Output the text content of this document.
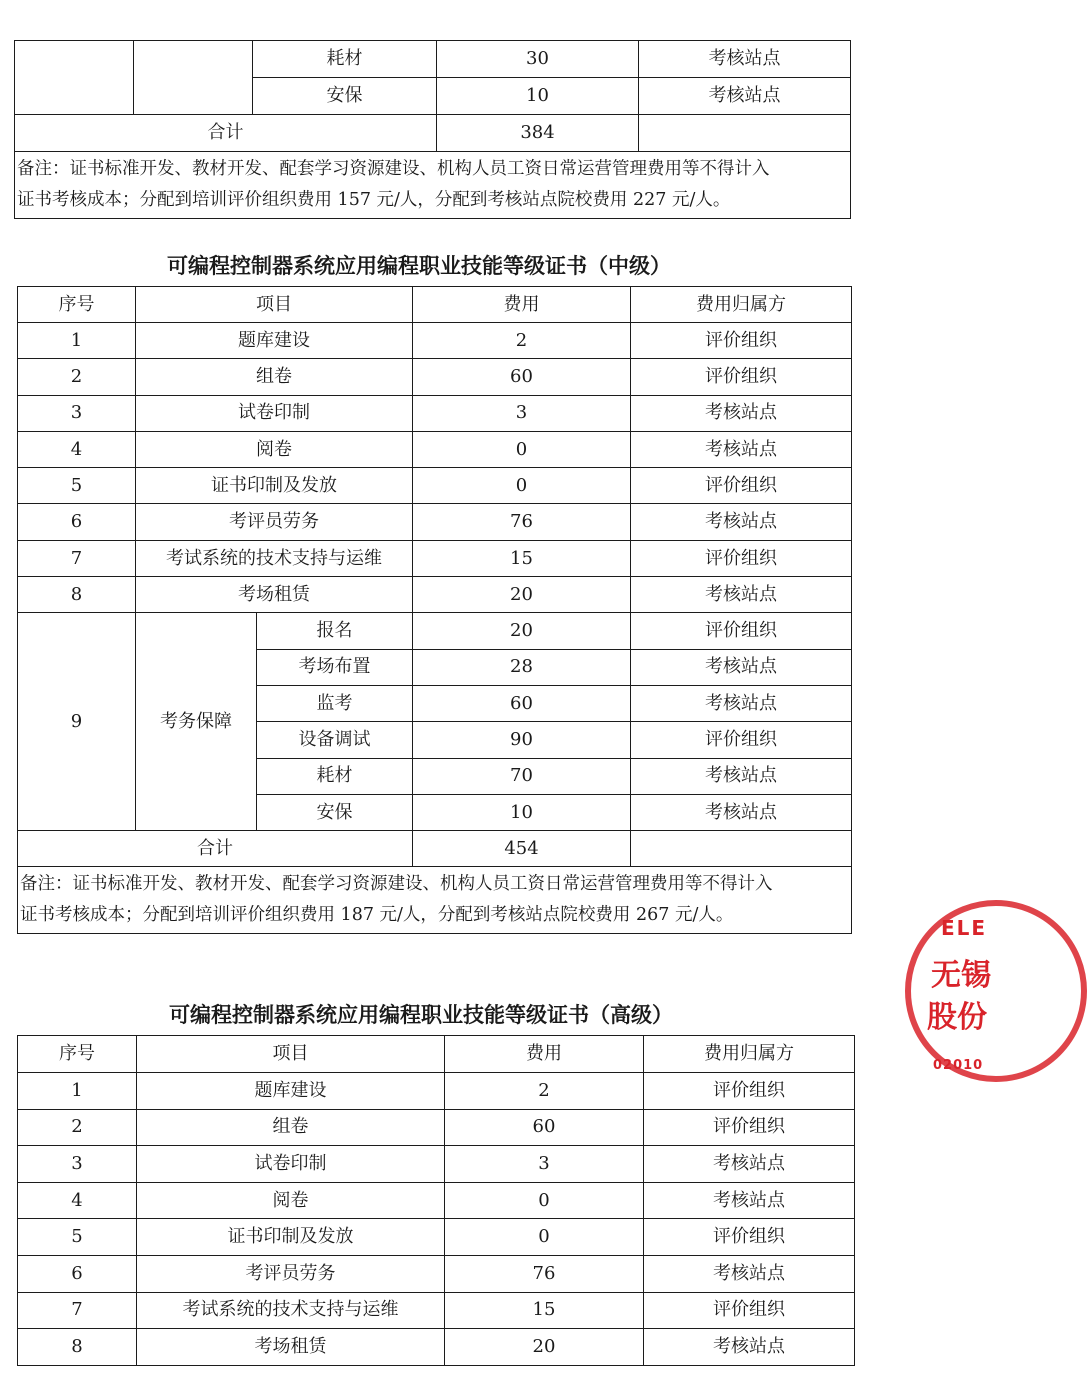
		耗材	30	考核站点
		安保	10	考核站点
合计			384	

备注：证书标准开发、教材开发、配套学习资源建设、机构人员工资日常运营管理费用等不得计入
证书考核成本；分配到培训评价组织费用 157 元/人，分配到考核站点院校费用 227 元/人。				
可编程控制器系统应用编程职业技能等级证书（中级）
序号	项目		费用	费用归属方
1	题库建设		2	评价组织
2	组卷		60	评价组织
3	试卷印制		3	考核站点
4	阅卷		0	考核站点
5	证书印制及发放		0	评价组织
6	考评员劳务		76	考核站点
7	考试系统的技术支持与运维		15	评价组织
8	考场租赁		20	考核站点
9	考务保障	报名	20	评价组织
		考场布置	28	考核站点
		监考	60	考核站点
		设备调试	90	评价组织
		耗材	70	考核站点
		安保	10	考核站点
合计			454	

备注：证书标准开发、教材开发、配套学习资源建设、机构人员工资日常运营管理费用等不得计入
证书考核成本；分配到培训评价组织费用 187 元/人，分配到考核站点院校费用 267 元/人。				
可编程控制器系统应用编程职业技能等级证书（高级）
序号	项目	费用	费用归属方
1	题库建设	2	评价组织
2	组卷	60	评价组织
3	试卷印制	3	考核站点
4	阅卷	0	考核站点
5	证书印制及发放	0	评价组织
6	考评员劳务	76	考核站点
7	考试系统的技术支持与运维	15	评价组织
8	考场租赁	20	考核站点
ELE
无锡
股份
02010
